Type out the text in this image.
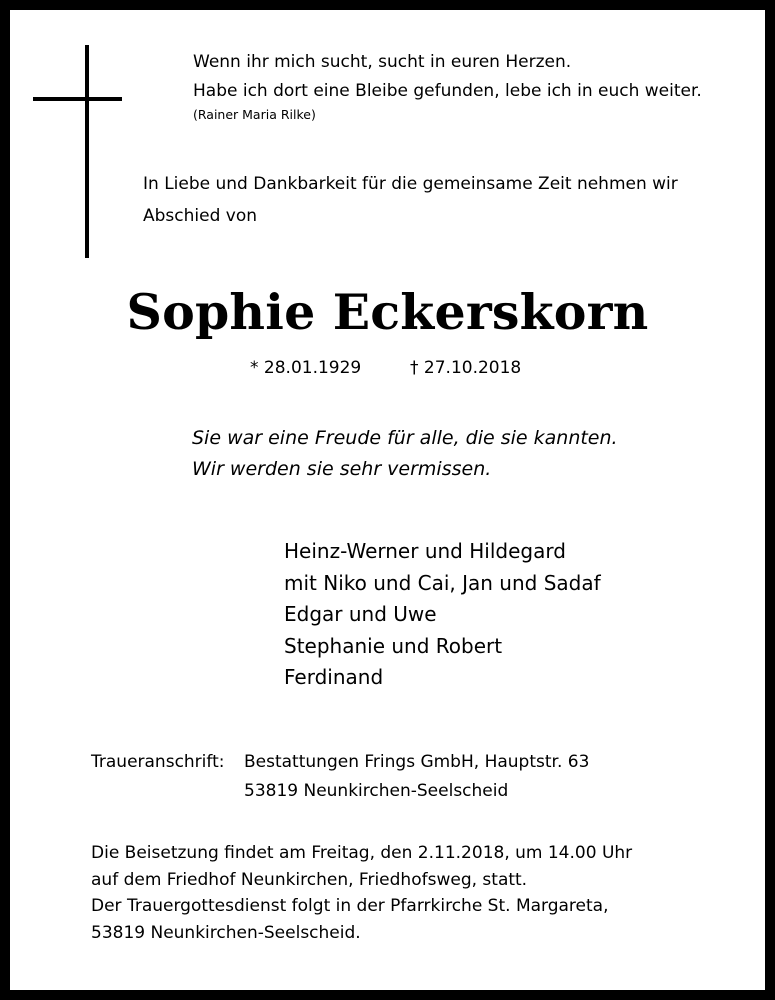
Wenn ihr mich sucht, sucht in euren Herzen.
Habe ich dort eine Bleibe gefunden, lebe ich in euch weiter.
(Rainer Maria Rilke)
In Liebe und Dankbarkeit für die gemeinsame Zeit nehmen wir
Abschied von
Sophie Eckerskorn
* 28.01.1929	† 27.10.2018
Sie war eine Freude für alle, die sie kannten.
Wir werden sie sehr vermissen.
Heinz-Werner und Hildegard
mit Niko und Cai, Jan und Sadaf
Edgar und Uwe
Stephanie und Robert
Ferdinand
Traueranschrift: Bestattungen Frings GmbH, Hauptstr. 63
53819 Neunkirchen-Seelscheid
Die Beisetzung findet am Freitag, den 2.11.2018, um 14.00 Uhr
auf dem Friedhof Neunkirchen, Friedhofsweg, statt.
Der Trauergottesdienst folgt in der Pfarrkirche St. Margareta,
53819 Neunkirchen-Seelscheid.
